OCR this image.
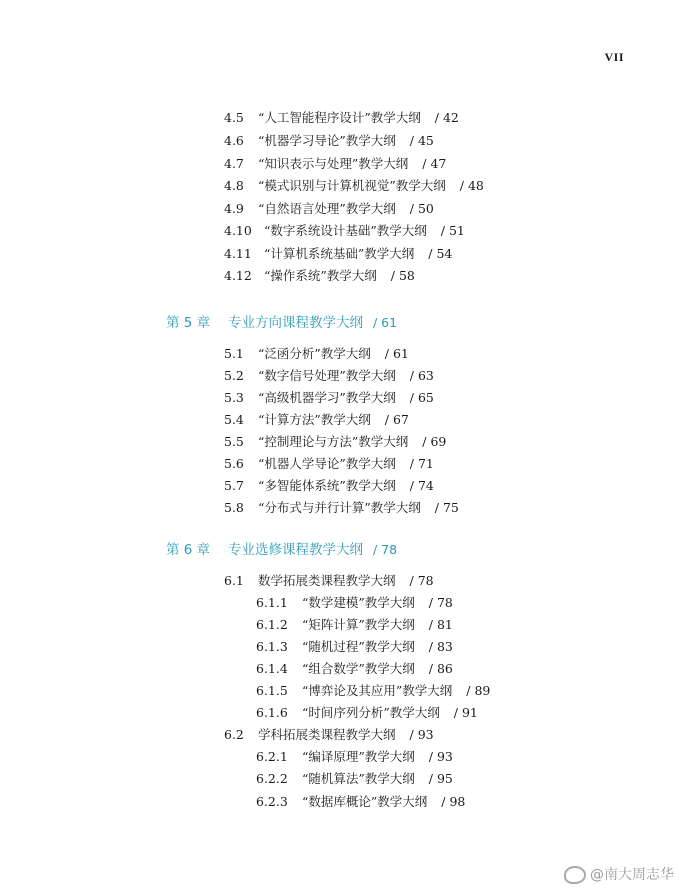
VII
4.5 “人工智能程序设计”教学大纲 / 42
4.6 “机器学习导论”教学大纲 / 45
4.7 “知识表示与处理”教学大纲 / 47
4.8 “模式识别与计算机视觉”教学大纲 / 48
4.9 “自然语言处理”教学大纲 / 50
4.10 “数字系统设计基础”教学大纲 / 51
4.11 “计算机系统基础”教学大纲 / 54
4.12 “操作系统”教学大纲 / 58
第 5 章 专业方向课程教学大纲 / 61
5.1 “泛函分析”教学大纲 / 61
5.2 “数字信号处理”教学大纲 / 63
5.3 “高级机器学习”教学大纲 / 65
5.4 “计算方法”教学大纲 / 67
5.5 “控制理论与方法”教学大纲 / 69
5.6 “机器人学导论”教学大纲 / 71
5.7 “多智能体系统”教学大纲 / 74
5.8 “分布式与并行计算”教学大纲 / 75
第 6 章 专业选修课程教学大纲 / 78
6.1 数学拓展类课程教学大纲 / 78
6.1.1 “数学建模”教学大纲 / 78
6.1.2 “矩阵计算”教学大纲 / 81
6.1.3 “随机过程”教学大纲 / 83
6.1.4 “组合数学”教学大纲 / 86
6.1.5 “博弈论及其应用”教学大纲 / 89
6.1.6 “时间序列分析”教学大纲 / 91
6.2 学科拓展类课程教学大纲 / 93
6.2.1 “编译原理”教学大纲 / 93
6.2.2 “随机算法”教学大纲 / 95
6.2.3 “数据库概论”教学大纲 / 98
@南大周志华
